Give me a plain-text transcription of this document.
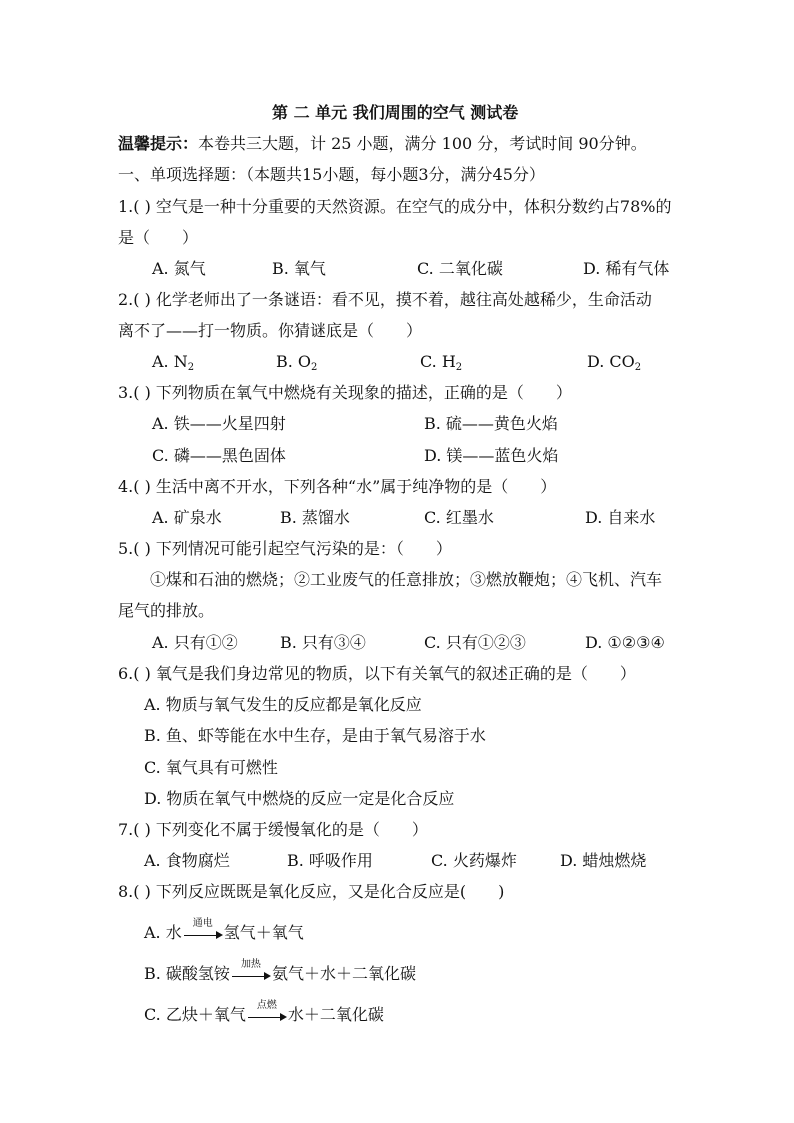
第 二 单元 我们周围的空气 测试卷
温馨提示：本卷共三大题，计 25 小题，满分 100 分，考试时间 90分钟。
一、单项选择题：（本题共15小题，每小题3分，满分45分）
1.( ) 空气是一种十分重要的天然资源。在空气的成分中，体积分数约占78%的
是（　　）
A. 氮气	B. 氧气	C. 二氧化碳	D. 稀有气体
2.( ) 化学老师出了一条谜语：看不见，摸不着，越往高处越稀少，生命活动
离不了——打一物质。你猜谜底是（　　）
A. $N_2$	B. $O_2$	C. $H_2$	D. $CO_2$
3.( ) 下列物质在氧气中燃烧有关现象的描述，正确的是（　　）
A. 铁——火星四射	B. 硫——黄色火焰
C. 磷——黑色固体	D. 镁——蓝色火焰
4.( ) 生活中离不开水，下列各种“水”属于纯净物的是（　　）
A. 矿泉水	B. 蒸馏水	C. 红墨水	D. 自来水
5.( ) 下列情况可能引起空气污染的是：（　　）
①煤和石油的燃烧；②工业废气的任意排放；③燃放鞭炮；④飞机、汽车
尾气的排放。
A. 只有①②	B. 只有③④	C. 只有①②③	D. ①②③④
6.( ) 氧气是我们身边常见的物质，以下有关氧气的叙述正确的是（　　）
A. 物质与氧气发生的反应都是氧化反应
B. 鱼、虾等能在水中生存，是由于氧气易溶于水
C. 氧气具有可燃性
D. 物质在氧气中燃烧的反应一定是化合反应
7.( ) 下列变化不属于缓慢氧化的是（　　）
A. 食物腐烂	B. 呼吸作用	C. 火药爆炸	D. 蜡烛燃烧
8.( ) 下列反应既既是氧化反应，又是化合反应是(　　)
A. 水	通电 氢气＋氧气
B. 碳酸氢铵	加热 氨气＋水＋二氧化碳
C. 乙炔＋氧气	点燃 水＋二氧化碳
